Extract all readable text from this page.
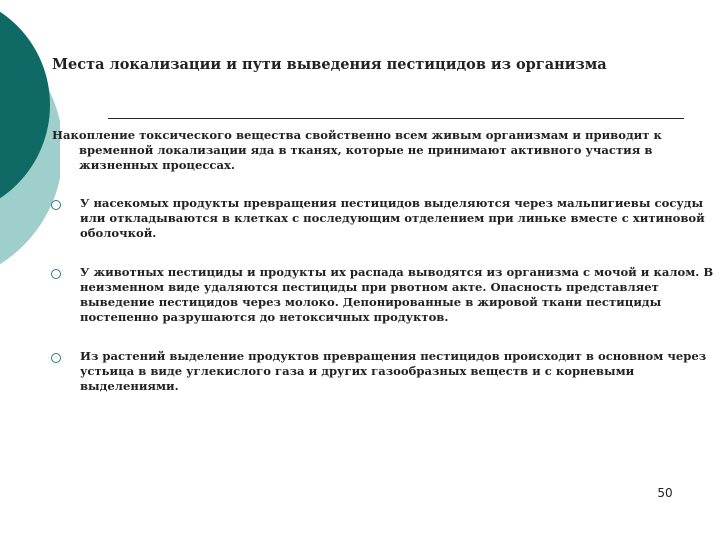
Места локализации и пути выведения пестицидов из организма
Накопление токсического вещества свойственно всем живым организмам и приводит к
временной локализации яда в тканях, которые не принимают активного участия в жизненных процессах.
У насекомых продукты превращения пестицидов выделяются через мальпигиевы сосуды или откладываются в клетках с последующим отделением при линьке вместе с хитиновой оболочкой.
У животных пестициды и продукты их распада выводятся из организма с мочой и калом. В неизменном виде удаляются пестициды при рвотном акте. Опасность представляет выведение пестицидов через молоко. Депонированные в жировой ткани пестициды постепенно разрушаются до нетоксичных продуктов.
Из растений выделение продуктов превращения пестицидов происходит в основном через устьица в виде углекислого газа и других газообразных веществ и с корневыми выделениями.
50
